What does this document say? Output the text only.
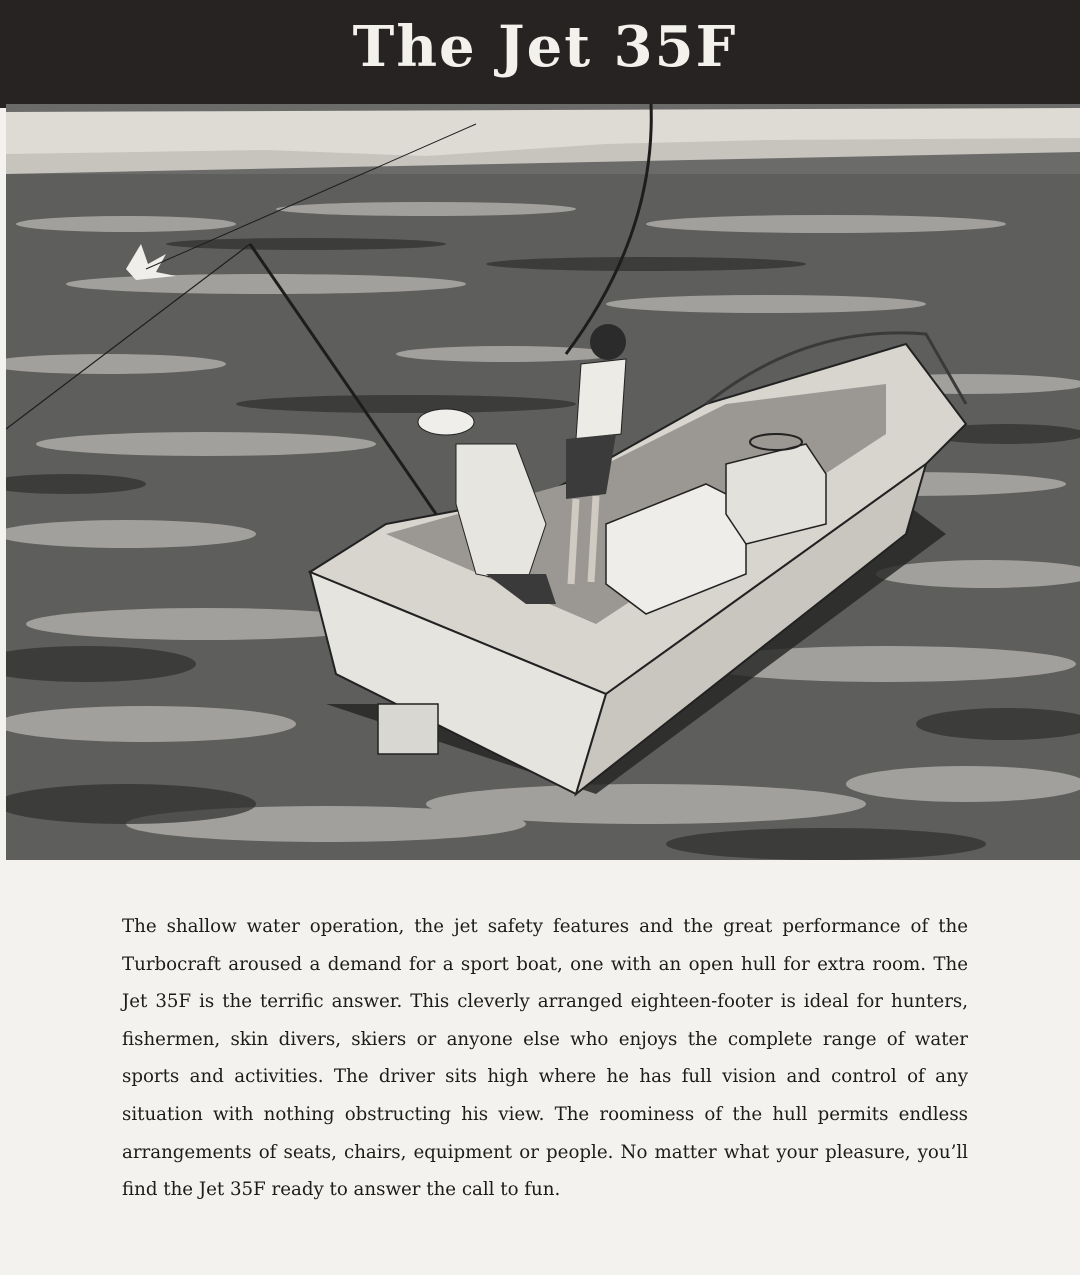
The Jet 35F

The shallow water operation, the jet safety features and the great performance of the Turbocraft aroused a demand for a sport boat, one with an open hull for extra room. The Jet 35F is the terrific answer. This cleverly arranged eighteen-footer is ideal for hunters, fishermen, skin divers, skiers or anyone else who enjoys the complete range of water sports and activities. The driver sits high where he has full vision and control of any situation with nothing obstructing his view. The roominess of the hull permits endless arrangements of seats, chairs, equipment or people. No matter what your pleasure, you’ll find the Jet 35F ready to answer the call to fun.
